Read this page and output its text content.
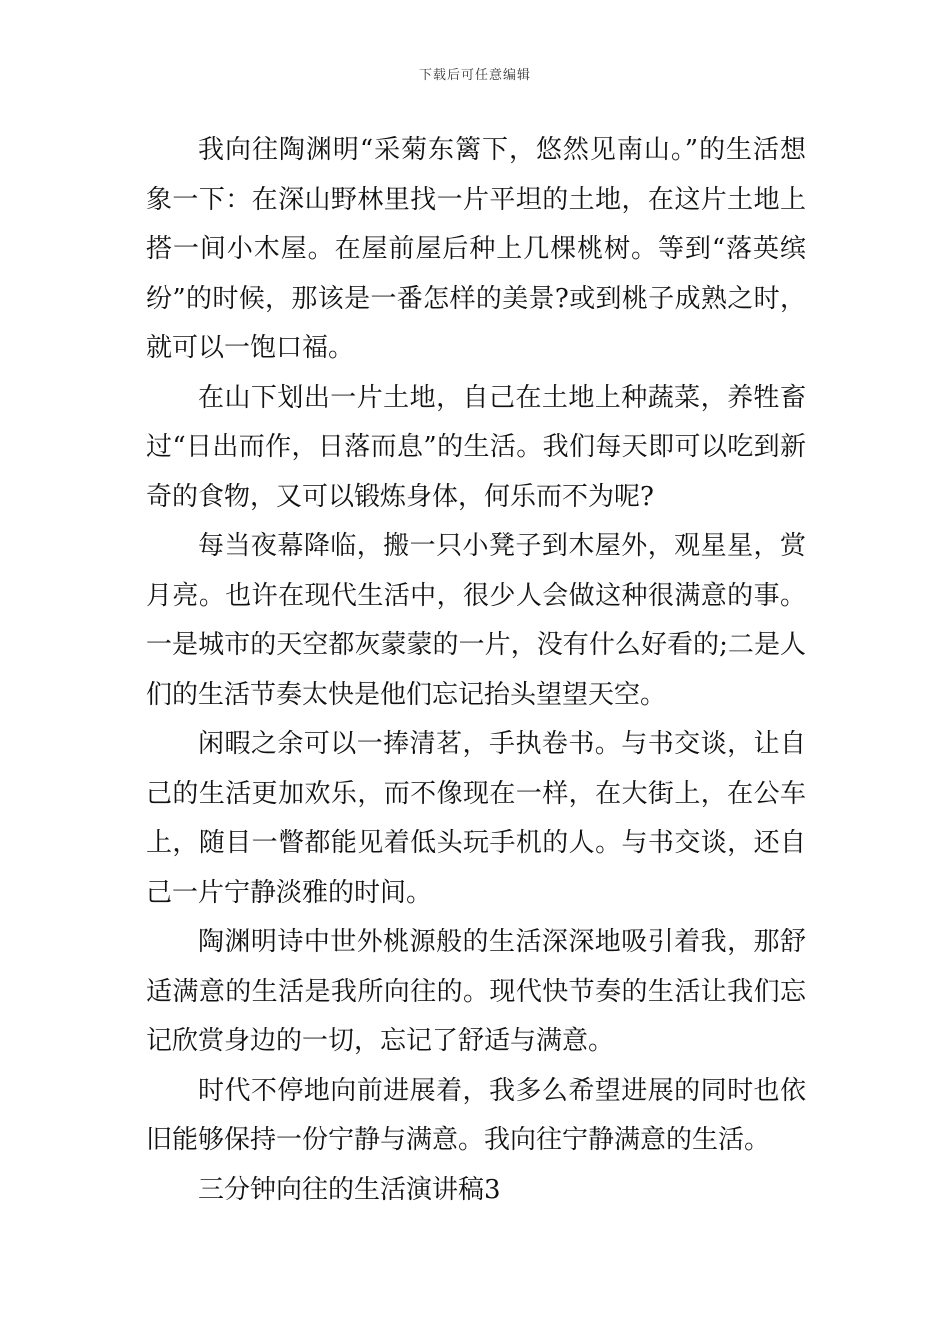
下载后可任意编辑

我向往陶渊明“采菊东篱下，悠然见南山。”的生活想象一下：在深山野林里找一片平坦的土地，在这片土地上搭一间小木屋。在屋前屋后种上几棵桃树。等到“落英缤纷”的时候，那该是一番怎样的美景?或到桃子成熟之时，就可以一饱口福。

在山下划出一片土地，自己在土地上种蔬菜，养牲畜过“日出而作，日落而息”的生活。我们每天即可以吃到新奇的食物，又可以锻炼身体，何乐而不为呢?

每当夜幕降临，搬一只小凳子到木屋外，观星星，赏月亮。也许在现代生活中，很少人会做这种很满意的事。一是城市的天空都灰蒙蒙的一片，没有什么好看的;二是人们的生活节奏太快是他们忘记抬头望望天空。

闲暇之余可以一捧清茗，手执卷书。与书交谈，让自己的生活更加欢乐，而不像现在一样，在大街上，在公车上，随目一瞥都能见着低头玩手机的人。与书交谈，还自己一片宁静淡雅的时间。

陶渊明诗中世外桃源般的生活深深地吸引着我，那舒适满意的生活是我所向往的。现代快节奏的生活让我们忘记欣赏身边的一切，忘记了舒适与满意。

时代不停地向前进展着，我多么希望进展的同时也依旧能够保持一份宁静与满意。我向往宁静满意的生活。

三分钟向往的生活演讲稿3
